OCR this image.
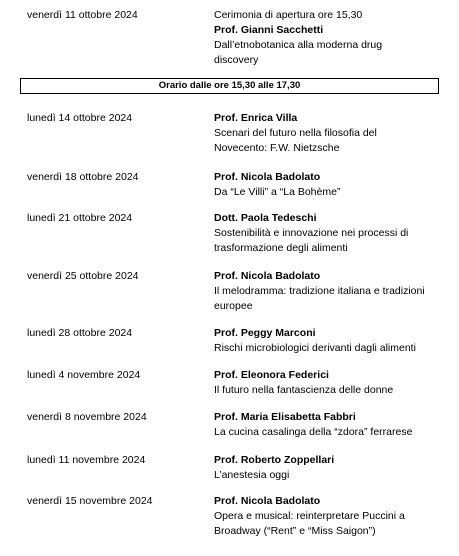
venerdì 11 ottobre 2024	Cerimonia di apertura ore 15,30
Prof. Gianni Sacchetti
Dall’etnobotanica alla moderna drug
discovery
Orario dalle ore 15,30 alle 17,30
lunedì 14 ottobre 2024	Prof. Enrica Villa
Scenari del futuro nella filosofia del
Novecento: F.W. Nietzsche
venerdì 18 ottobre 2024	Prof. Nicola Badolato
Da “Le Villi” a “La Bohème”
lunedì 21 ottobre 2024	Dott. Paola Tedeschi
Sostenibilità e innovazione nei processi di
trasformazione degli alimenti
venerdì 25 ottobre 2024	Prof. Nicola Badolato
Il melodramma: tradizione italiana e tradizioni
europee
lunedì 28 ottobre 2024	Prof. Peggy Marconi
Rischi microbiologici derivanti dagli alimenti
lunedì 4 novembre 2024	Prof. Eleonora Federici
Il futuro nella fantascienza delle donne
venerdì 8 novembre 2024	Prof. Maria Elisabetta Fabbri
La cucina casalinga della “zdora” ferrarese
lunedì 11 novembre 2024	Prof. Roberto Zoppellari
L’anestesia oggi
venerdì 15 novembre 2024	Prof. Nicola Badolato
Opera e musical: reinterpretare Puccini a
Broadway (“Rent” e “Miss Saigon”)
